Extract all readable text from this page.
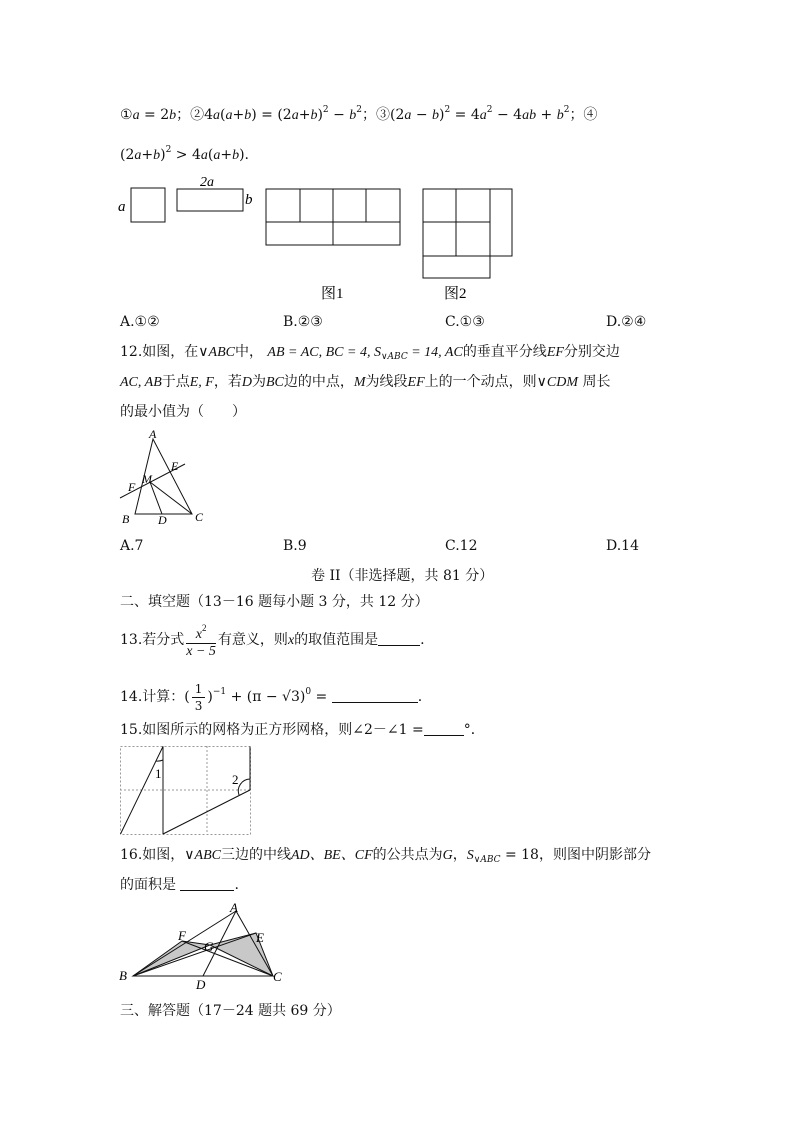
①a = 2b；②4a(a+b) = $(2a+b)^2 - b^2$；③(2a − $b)^2 = 4a^2 - 4ab + b^2$；④
$(2a+b)^2 > 4a(a+b)$.
a
2a
b
图1	图2
A.①②	B.②③	C.①③	D.②④
12.如图，在∨ABC中， AB = AC, BC = 4, $S_{\vee ABC} = 14$, AC的垂直平分线EF分别交边
AC, AB于点E, F，若D为BC边的中点，M为线段EF上的一个动点，则∨CDM 周长
的最小值为（　　）
A
E
M
F
B D C
A.7	B.9	C.12	D.14
卷 II（非选择题，共 81 分）
二、填空题（13－16 题每小题 3 分，共 12 分）
13.若分式 $\frac{x^2}{x - 5}$ 有意义，则x的取值范围是	.
14.计算：( $\frac{1}{3} )^{-1} + (\pi - √3)^0$ =	.
15.如图所示的网格为正方形网格，则∠2－∠1 =	°．
1	2
16.如图，∨ABC三边的中线AD、BE、CF的公共点为G，$S_{\vee ABC} = 18$，则图中阴影部分
的面积是	.
A
F
G
E
B
D
C
三、解答题（17－24 题共 69 分）
